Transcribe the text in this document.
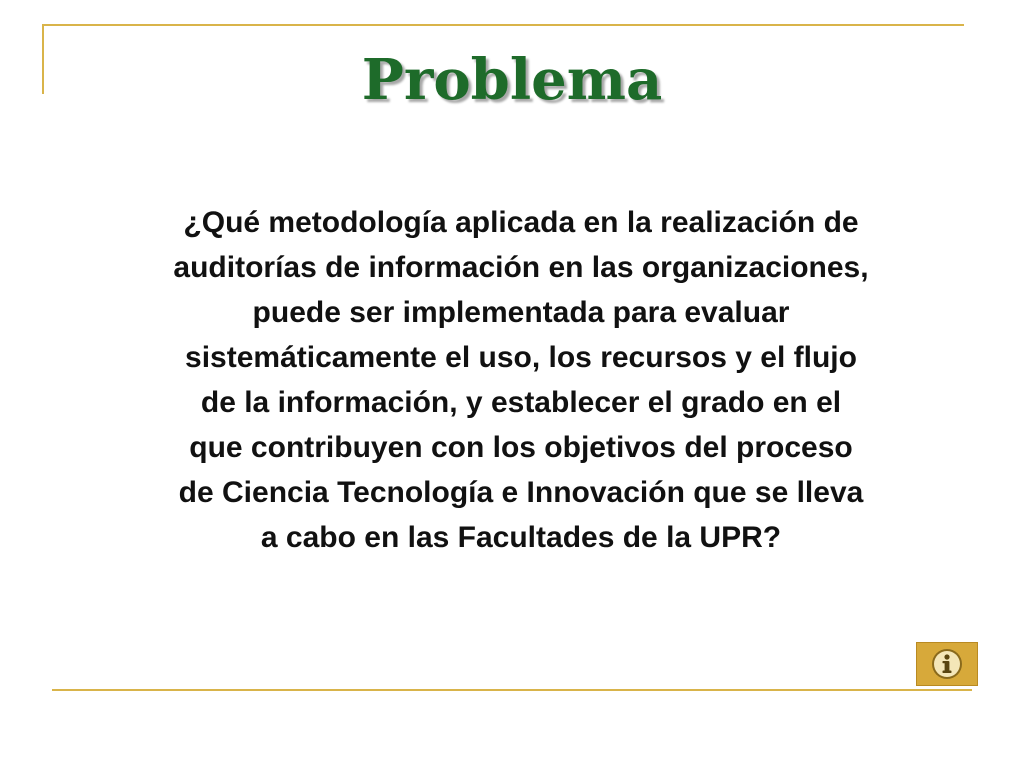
Problema

¿Qué metodología aplicada en la realización de
auditorías de información en las organizaciones,
puede ser implementada para evaluar
sistemáticamente el uso, los recursos y el flujo
de la información, y establecer el grado en el
que contribuyen con los objetivos del proceso
de Ciencia Tecnología e Innovación que se lleva
a cabo en las Facultades de la UPR?
